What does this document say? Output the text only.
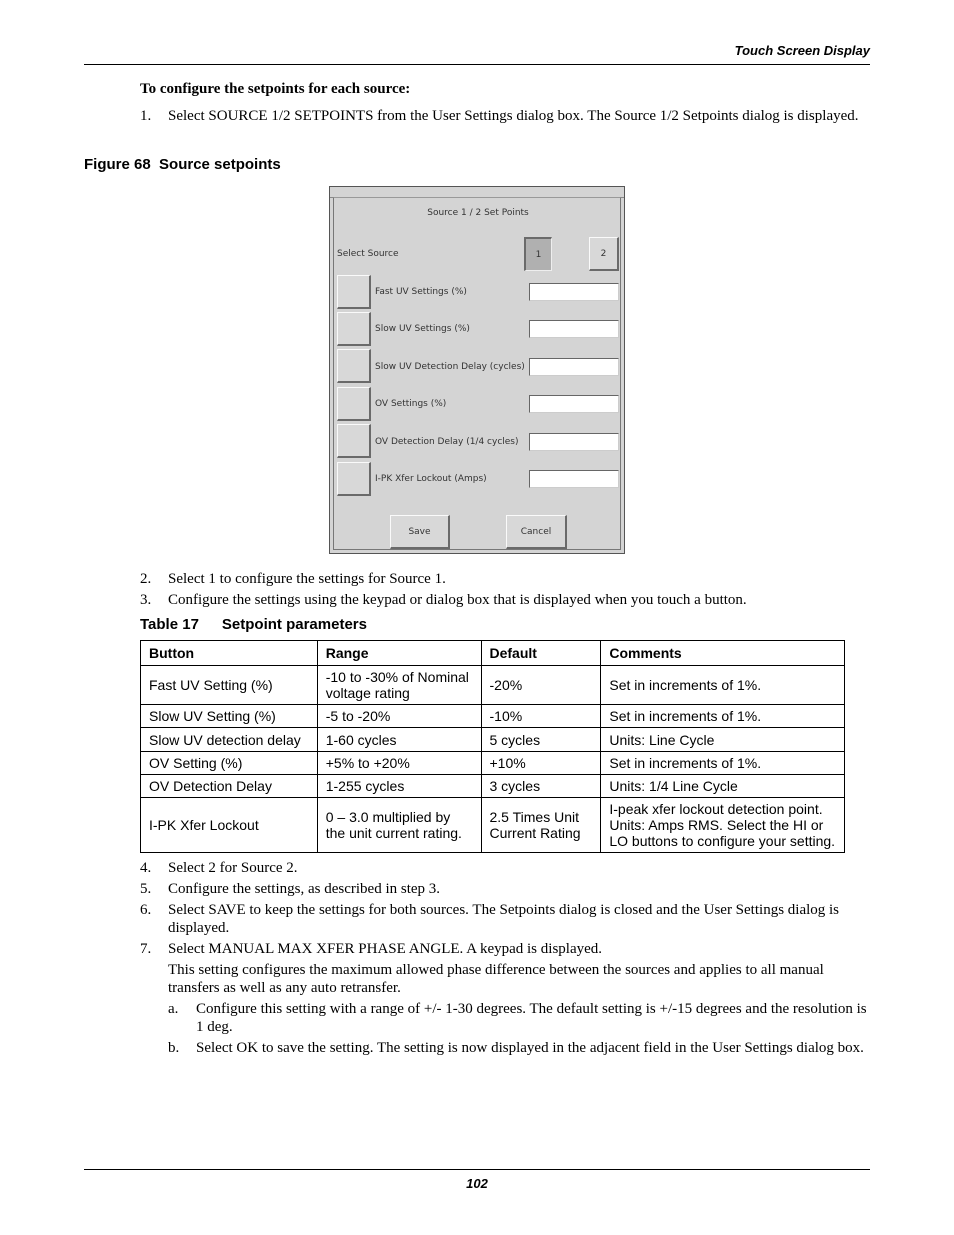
Touch Screen Display
To configure the setpoints for each source:
1.	Select SOURCE 1/2 SETPOINTS from the User Settings dialog box. The Source 1/2 Setpoints dialog is displayed.
Figure 68 Source setpoints
Source 1 / 2 Set Points
Select Source	1	2
Fast UV Settings (%)
Slow UV Settings (%)
Slow UV Detection Delay (cycles)
OV Settings (%)
OV Detection Delay (1/4 cycles)
I-PK Xfer Lockout (Amps)
Save	Cancel
2.	Select 1 to configure the settings for Source 1.
3.	Configure the settings using the keypad or dialog box that is displayed when you touch a button.
Table 17 Setpoint parameters
Button	Range	Default	Comments
Fast UV Setting (%)	-10 to -30% of Nominal voltage rating	-20%	Set in increments of 1%.
Slow UV Setting (%)	-5 to -20%	-10%	Set in increments of 1%.
Slow UV detection delay	1-60 cycles	5 cycles	Units: Line Cycle
OV Setting (%)	+5% to +20%	+10%	Set in increments of 1%.
OV Detection Delay	1-255 cycles	3 cycles	Units: 1/4 Line Cycle
I-PK Xfer Lockout	0 – 3.0 multiplied by the unit current rating.	2.5 Times Unit Current Rating	I-peak xfer lockout detection point. Units: Amps RMS. Select the HI or LO buttons to configure your setting.
4.	Select 2 for Source 2.
5.	Configure the settings, as described in step 3.
6.	Select SAVE to keep the settings for both sources. The Setpoints dialog is closed and the User Settings dialog is displayed.
7.	Select MANUAL MAX XFER PHASE ANGLE. A keypad is displayed.
This setting configures the maximum allowed phase difference between the sources and applies to all manual transfers as well as any auto retransfer.
a.	Configure this setting with a range of +/- 1-30 degrees. The default setting is +/-15 degrees and the resolution is 1 deg.
b.	Select OK to save the setting. The setting is now displayed in the adjacent field in the User Settings dialog box.
102
